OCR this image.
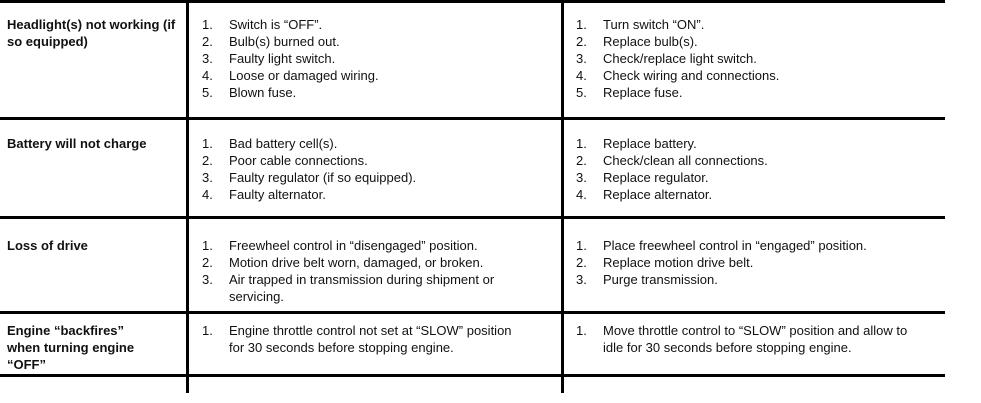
Headlight(s) not working (if so equipped)
1. Switch is “OFF”.
2. Bulb(s) burned out.
3. Faulty light switch.
4. Loose or damaged wiring.
5. Blown fuse.
1. Turn switch “ON”.
2. Replace bulb(s).
3. Check/replace light switch.
4. Check wiring and connections.
5. Replace fuse.
Battery will not charge	1. Bad battery cell(s).
2. Poor cable connections.
3. Faulty regulator (if so equipped).
4. Faulty alternator.
1. Replace battery.
2. Check/clean all connections.
3. Replace regulator.
4. Replace alternator.
Loss of drive	1. Freewheel control in “disengaged” position.
2. Motion drive belt worn, damaged, or broken.
3. Air trapped in transmission during shipment or servicing.
1. Place freewheel control in “engaged” position.
2. Replace motion drive belt.
3. Purge transmission.
Engine “backfires” when turning engine “OFF”
1. Engine throttle control not set at “SLOW” position for 30 seconds before stopping engine.
1. Move throttle control to “SLOW” position and allow to idle for 30 seconds before stopping engine.
